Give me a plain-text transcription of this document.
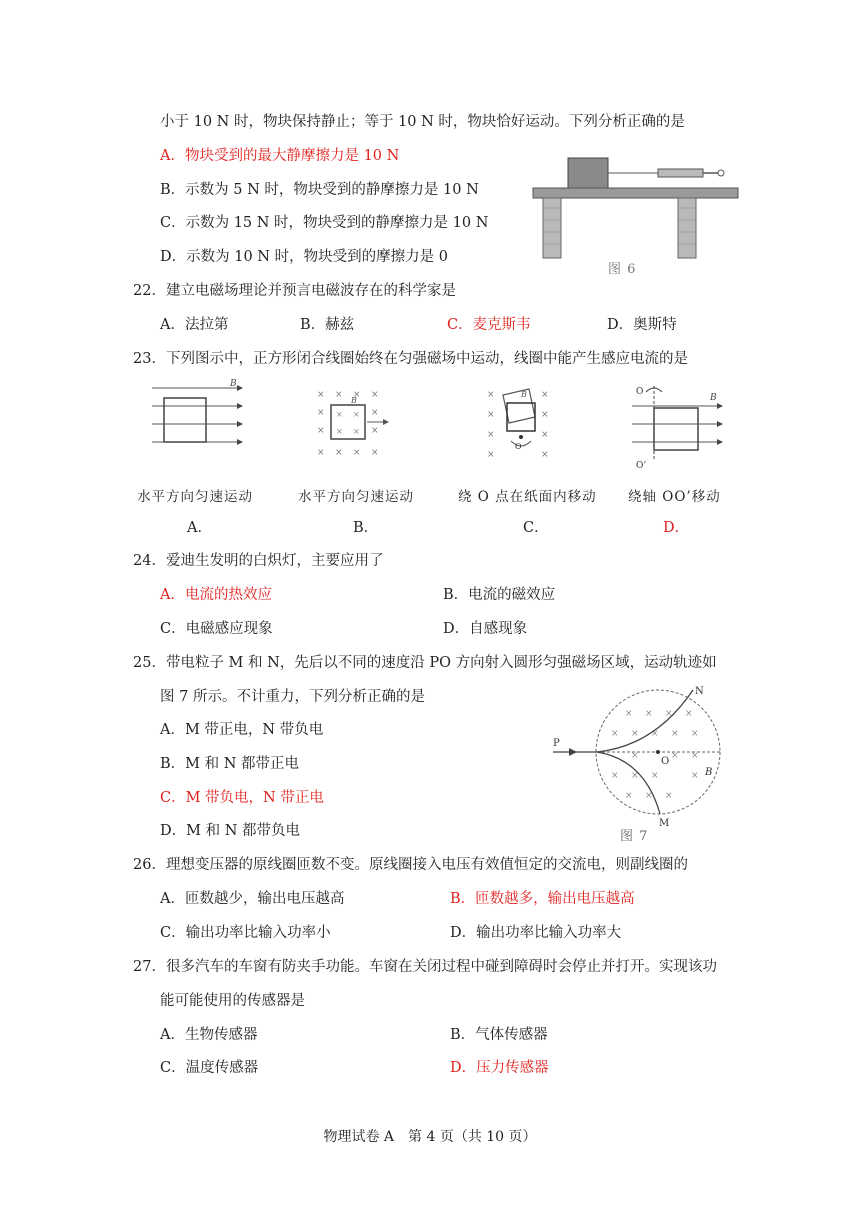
小于 10 N 时，物块保持静止；等于 10 N 时，物块恰好运动。下列分析正确的是
A．物块受到的最大静摩擦力是 10 N
B．示数为 5 N 时，物块受到的静摩擦力是 10 N
C．示数为 15 N 时，物块受到的静摩擦力是 10 N
D．示数为 10 N 时，物块受到的摩擦力是 0
图 6
22．建立电磁场理论并预言电磁波存在的科学家是
A．法拉第	B．赫兹	C．麦克斯韦	D．奥斯特
23．下列图示中，正方形闭合线圈始终在匀强磁场中运动，线圈中能产生感应电流的是
B
× × × ×
×	×
×	×
× × × ×
× ×
× ×
B
×	×
×	×
×	×
×	×
O
B	O
O’
B
水平方向匀速运动	水平方向匀速运动	绕 O 点在纸面内移动 绕轴 OO’移动
A．	B．	C．	D．
24．爱迪生发明的白炽灯，主要应用了
A．电流的热效应	B．电流的磁效应
C．电磁感应现象	D．自感现象
25．带电粒子 M 和 N，先后以不同的速度沿 PO 方向射入圆形匀强磁场区域，运动轨迹如
图 7 所示。不计重力，下列分析正确的是
A．M 带正电，N 带负电
B．M 和 N 都带正电
C．M 带负电，N 带正电
D．M 和 N 都带负电
× × × ×
× × × × ×
× × ×	×
× × ×
×	× ×
P
O
N
M
B
图 7
26．理想变压器的原线圈匝数不变。原线圈接入电压有效值恒定的交流电，则副线圈的
A．匝数越少，输出电压越高	B．匝数越多，输出电压越高
C．输出功率比输入功率小	D．输出功率比输入功率大
27．很多汽车的车窗有防夹手功能。车窗在关闭过程中碰到障碍时会停止并打开。实现该功
能可能使用的传感器是
A．生物传感器	B．气体传感器
C．温度传感器	D．压力传感器
物理试卷 A　第 4 页（共 10 页）
